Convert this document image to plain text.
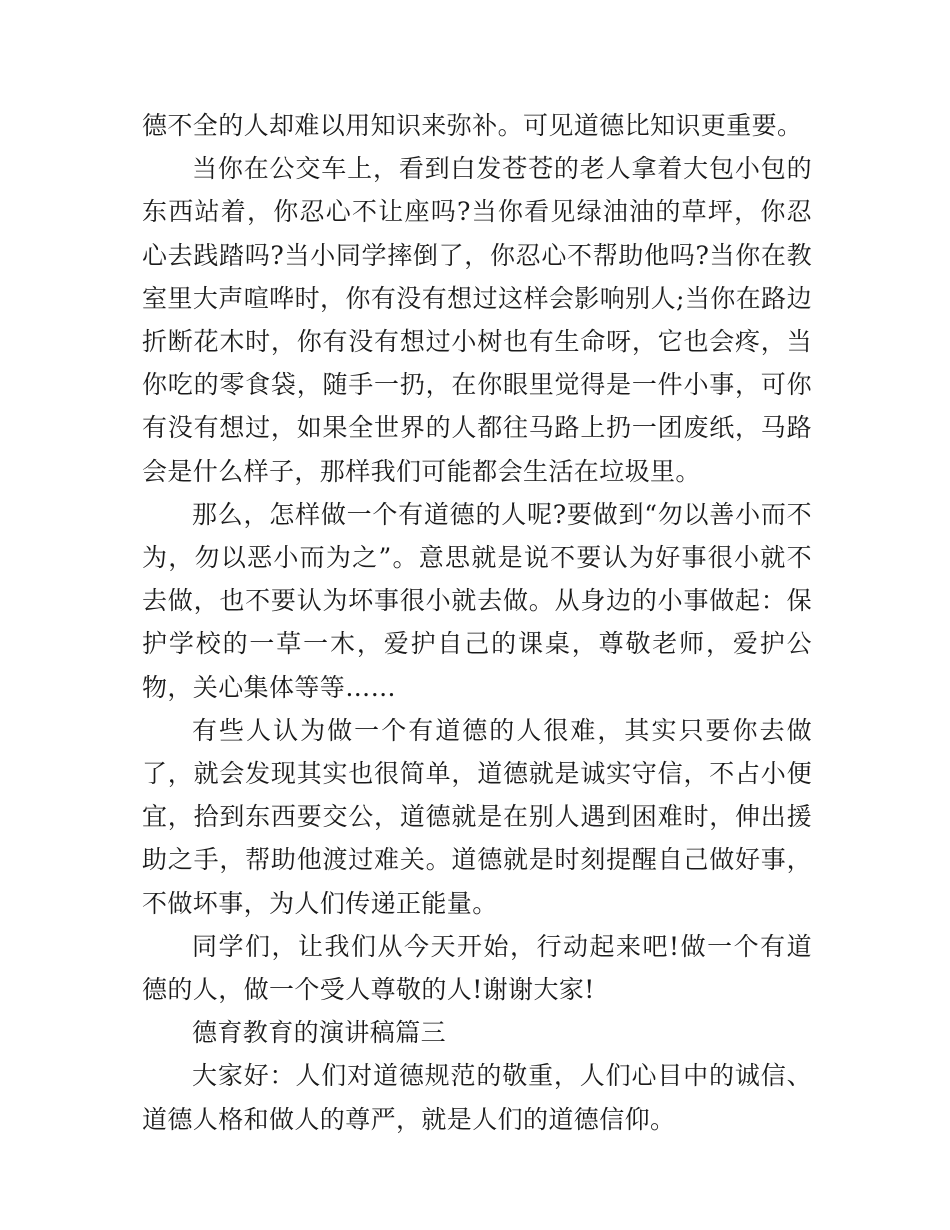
德不全的人却难以用知识来弥补。可见道德比知识更重要。

当你在公交车上，看到白发苍苍的老人拿着大包小包的东西站着，你忍心不让座吗?当你看见绿油油的草坪，你忍心去践踏吗?当小同学摔倒了，你忍心不帮助他吗?当你在教室里大声喧哗时，你有没有想过这样会影响别人;当你在路边折断花木时，你有没有想过小树也有生命呀，它也会疼，当你吃的零食袋，随手一扔，在你眼里觉得是一件小事，可你有没有想过，如果全世界的人都往马路上扔一团废纸，马路会是什么样子，那样我们可能都会生活在垃圾里。

那么，怎样做一个有道德的人呢?要做到“勿以善小而不为，勿以恶小而为之”。意思就是说不要认为好事很小就不去做，也不要认为坏事很小就去做。从身边的小事做起：保护学校的一草一木，爱护自己的课桌，尊敬老师，爱护公物，关心集体等等……

有些人认为做一个有道德的人很难，其实只要你去做了，就会发现其实也很简单，道德就是诚实守信，不占小便宜，拾到东西要交公，道德就是在别人遇到困难时，伸出援助之手，帮助他渡过难关。道德就是时刻提醒自己做好事，不做坏事，为人们传递正能量。

同学们，让我们从今天开始，行动起来吧!做一个有道德的人，做一个受人尊敬的人!谢谢大家!

德育教育的演讲稿篇三

大家好：人们对道德规范的敬重，人们心目中的诚信、道德人格和做人的尊严，就是人们的道德信仰。
